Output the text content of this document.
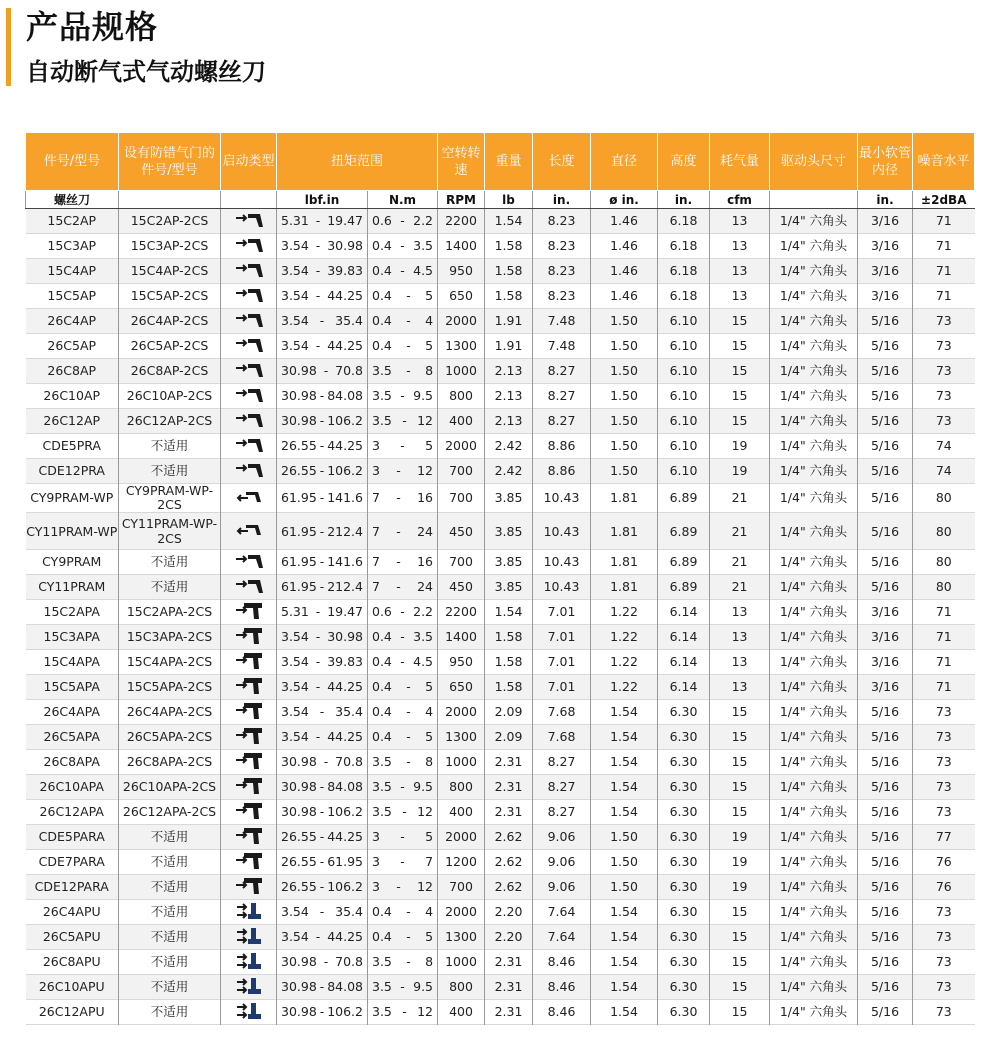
产品规格
自动断气式气动螺丝刀
件号/型号	设有防错气门的件号/型号	启动类型	扭矩范围		空转转速	重量	长度	直径	高度	耗气量	驱动头尺寸	最小软管内径	噪音水平
螺丝刀			lbf.in	N.m	RPM	lb	in.	ø in.	in.	cfm		in.	±2dBA
15C2AP	15C2AP-2CS		5.31 - 19.47	0.6 - 2.2	2200	1.54	8.23	1.46	6.18	13	1/4" 六角头	3/16	71
15C3AP	15C3AP-2CS		3.54 - 30.98	0.4 - 3.5	1400	1.58	8.23	1.46	6.18	13	1/4" 六角头	3/16	71
15C4AP	15C4AP-2CS		3.54 - 39.83	0.4 - 4.5	950	1.58	8.23	1.46	6.18	13	1/4" 六角头	3/16	71
15C5AP	15C5AP-2CS		3.54 - 44.25	0.4 - 5	650	1.58	8.23	1.46	6.18	13	1/4" 六角头	3/16	71
26C4AP	26C4AP-2CS		3.54 - 35.4	0.4 - 4	2000	1.91	7.48	1.50	6.10	15	1/4" 六角头	5/16	73
26C5AP	26C5AP-2CS		3.54 - 44.25	0.4 - 5	1300	1.91	7.48	1.50	6.10	15	1/4" 六角头	5/16	73
26C8AP	26C8AP-2CS		30.98 - 70.8	3.5 - 8	1000	2.13	8.27	1.50	6.10	15	1/4" 六角头	5/16	73
26C10AP	26C10AP-2CS		30.98 - 84.08	3.5 - 9.5	800	2.13	8.27	1.50	6.10	15	1/4" 六角头	5/16	73
26C12AP	26C12AP-2CS		30.98 - 106.2	3.5 - 12	400	2.13	8.27	1.50	6.10	15	1/4" 六角头	5/16	73
CDE5PRA	不适用		26.55 - 44.25	3 - 5	2000	2.42	8.86	1.50	6.10	19	1/4" 六角头	5/16	74
CDE12PRA	不适用		26.55 - 106.2	3 - 12	700	2.42	8.86	1.50	6.10	19	1/4" 六角头	5/16	74
CY9PRAM-WP	CY9PRAM-WP-2CS		61.95 - 141.6	7 - 16	700	3.85	10.43	1.81	6.89	21	1/4" 六角头	5/16	80
CY11PRAM-WP	CY11PRAM-WP-2CS		61.95 - 212.4	7 - 24	450	3.85	10.43	1.81	6.89	21	1/4" 六角头	5/16	80
CY9PRAM	不适用		61.95 - 141.6	7 - 16	700	3.85	10.43	1.81	6.89	21	1/4" 六角头	5/16	80
CY11PRAM	不适用		61.95 - 212.4	7 - 24	450	3.85	10.43	1.81	6.89	21	1/4" 六角头	5/16	80
15C2APA	15C2APA-2CS		5.31 - 19.47	0.6 - 2.2	2200	1.54	7.01	1.22	6.14	13	1/4" 六角头	3/16	71
15C3APA	15C3APA-2CS		3.54 - 30.98	0.4 - 3.5	1400	1.58	7.01	1.22	6.14	13	1/4" 六角头	3/16	71
15C4APA	15C4APA-2CS		3.54 - 39.83	0.4 - 4.5	950	1.58	7.01	1.22	6.14	13	1/4" 六角头	3/16	71
15C5APA	15C5APA-2CS		3.54 - 44.25	0.4 - 5	650	1.58	7.01	1.22	6.14	13	1/4" 六角头	3/16	71
26C4APA	26C4APA-2CS		3.54 - 35.4	0.4 - 4	2000	2.09	7.68	1.54	6.30	15	1/4" 六角头	5/16	73
26C5APA	26C5APA-2CS		3.54 - 44.25	0.4 - 5	1300	2.09	7.68	1.54	6.30	15	1/4" 六角头	5/16	73
26C8APA	26C8APA-2CS		30.98 - 70.8	3.5 - 8	1000	2.31	8.27	1.54	6.30	15	1/4" 六角头	5/16	73
26C10APA	26C10APA-2CS		30.98 - 84.08	3.5 - 9.5	800	2.31	8.27	1.54	6.30	15	1/4" 六角头	5/16	73
26C12APA	26C12APA-2CS		30.98 - 106.2	3.5 - 12	400	2.31	8.27	1.54	6.30	15	1/4" 六角头	5/16	73
CDE5PARA	不适用		26.55 - 44.25	3 - 5	2000	2.62	9.06	1.50	6.30	19	1/4" 六角头	5/16	77
CDE7PARA	不适用		26.55 - 61.95	3 - 7	1200	2.62	9.06	1.50	6.30	19	1/4" 六角头	5/16	76
CDE12PARA	不适用		26.55 - 106.2	3 - 12	700	2.62	9.06	1.50	6.30	19	1/4" 六角头	5/16	76
26C4APU	不适用		3.54 - 35.4	0.4 - 4	2000	2.20	7.64	1.54	6.30	15	1/4" 六角头	5/16	73
26C5APU	不适用		3.54 - 44.25	0.4 - 5	1300	2.20	7.64	1.54	6.30	15	1/4" 六角头	5/16	73
26C8APU	不适用		30.98 - 70.8	3.5 - 8	1000	2.31	8.46	1.54	6.30	15	1/4" 六角头	5/16	73
26C10APU	不适用		30.98 - 84.08	3.5 - 9.5	800	2.31	8.46	1.54	6.30	15	1/4" 六角头	5/16	73
26C12APU	不适用		30.98 - 106.2	3.5 - 12	400	2.31	8.46	1.54	6.30	15	1/4" 六角头	5/16	73
